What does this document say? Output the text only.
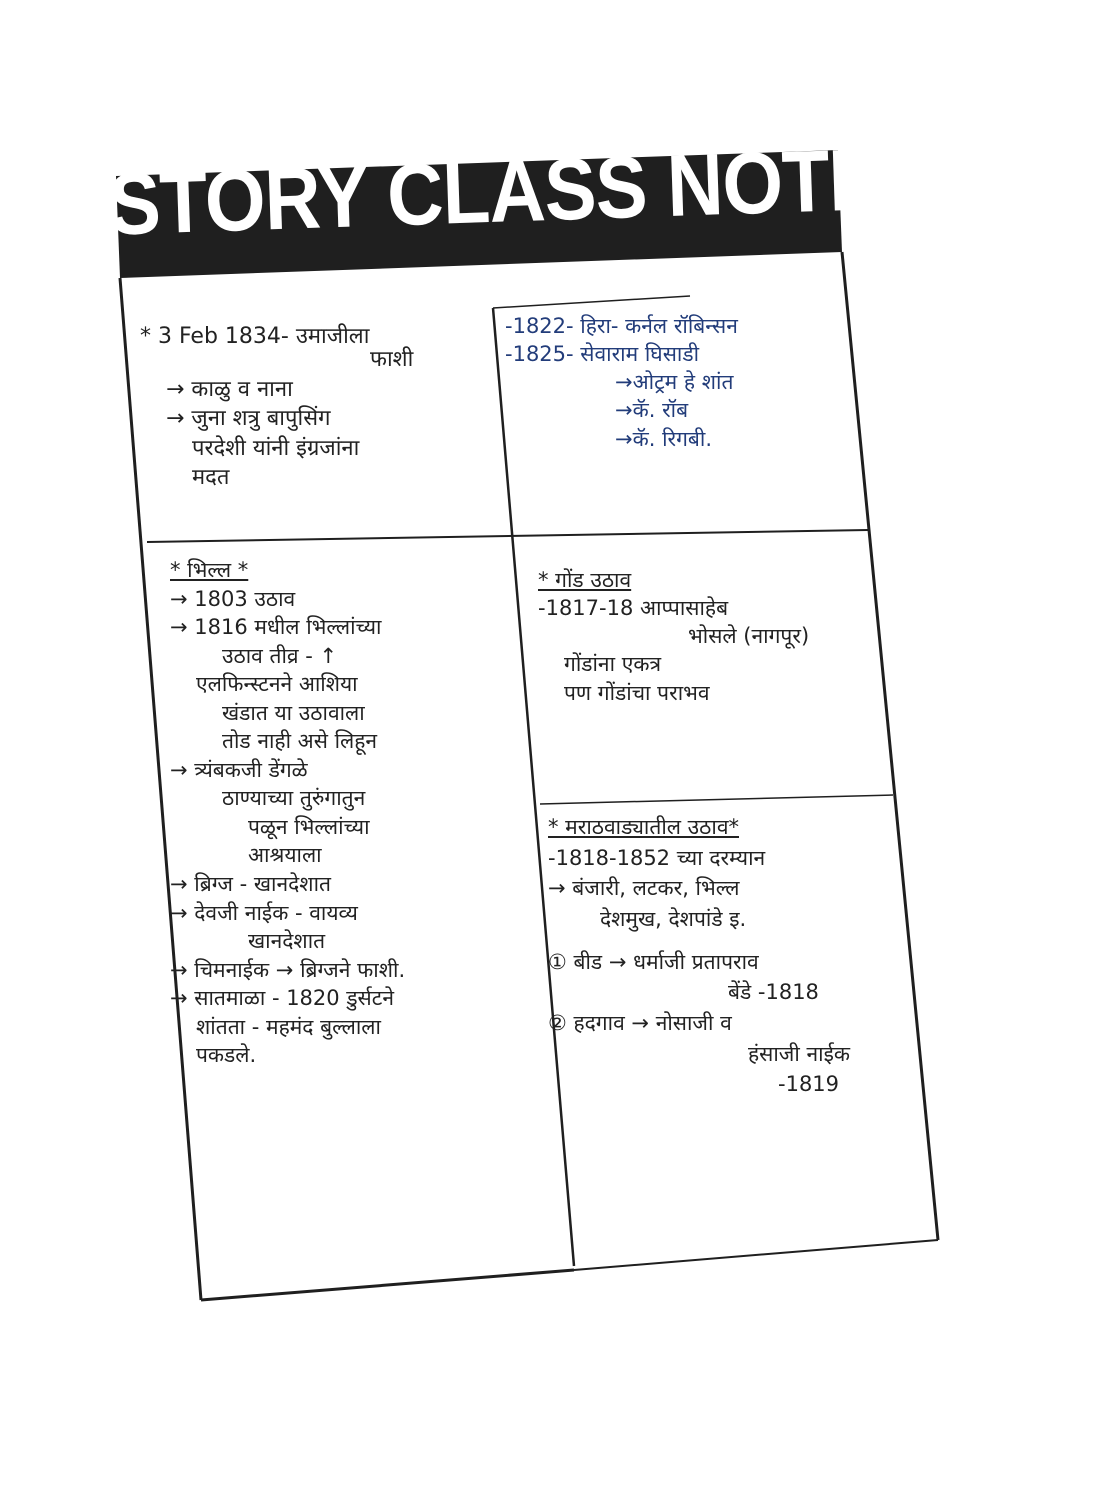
HISTORY CLASS NOTES
* 3 Feb 1834- उमाजीला
फाशी
→ काळु व नाना
→ जुना शत्रु बापुसिंग
परदेशी यांनी इंग्रजांना
मदत
-1822- हिरा- कर्नल रॉबिन्सन
-1825- सेवाराम घिसाडी
→ओट्रम हे शांत
→कॅ. रॉब
→कॅ. रिगबी.
* भिल्ल *
→ 1803 उठाव
→ 1816 मधील भिल्लांच्या
उठाव तीव्र - ↑
एलफिन्स्टनने आशिया
खंडात या उठावाला
तोड नाही असे लिहून
→ त्र्यंबकजी डेंगळे
ठाण्याच्या तुरुंगातुन
पळून भिल्लांच्या
आश्रयाला
→ ब्रिग्ज - खानदेशात
→ देवजी नाईक - वायव्य
खानदेशात
→ चिमनाईक → ब्रिग्जने फाशी.
→ सातमाळा - 1820 डुर्सटने
शांतता - महमंद बुल्लाला
पकडले.
* गोंड उठाव
-1817-18 आप्पासाहेब
भोसले (नागपूर)
गोंडांना एकत्र
पण गोंडांचा पराभव
* मराठवाड्यातील उठाव*
-1818-1852 च्या दरम्यान
→ बंजारी, लटकर, भिल्ल
देशमुख, देशपांडे इ.
① बीड → धर्माजी प्रतापराव
बेंडे -1818
② हदगाव → नोसाजी व
हंसाजी नाईक
-1819
